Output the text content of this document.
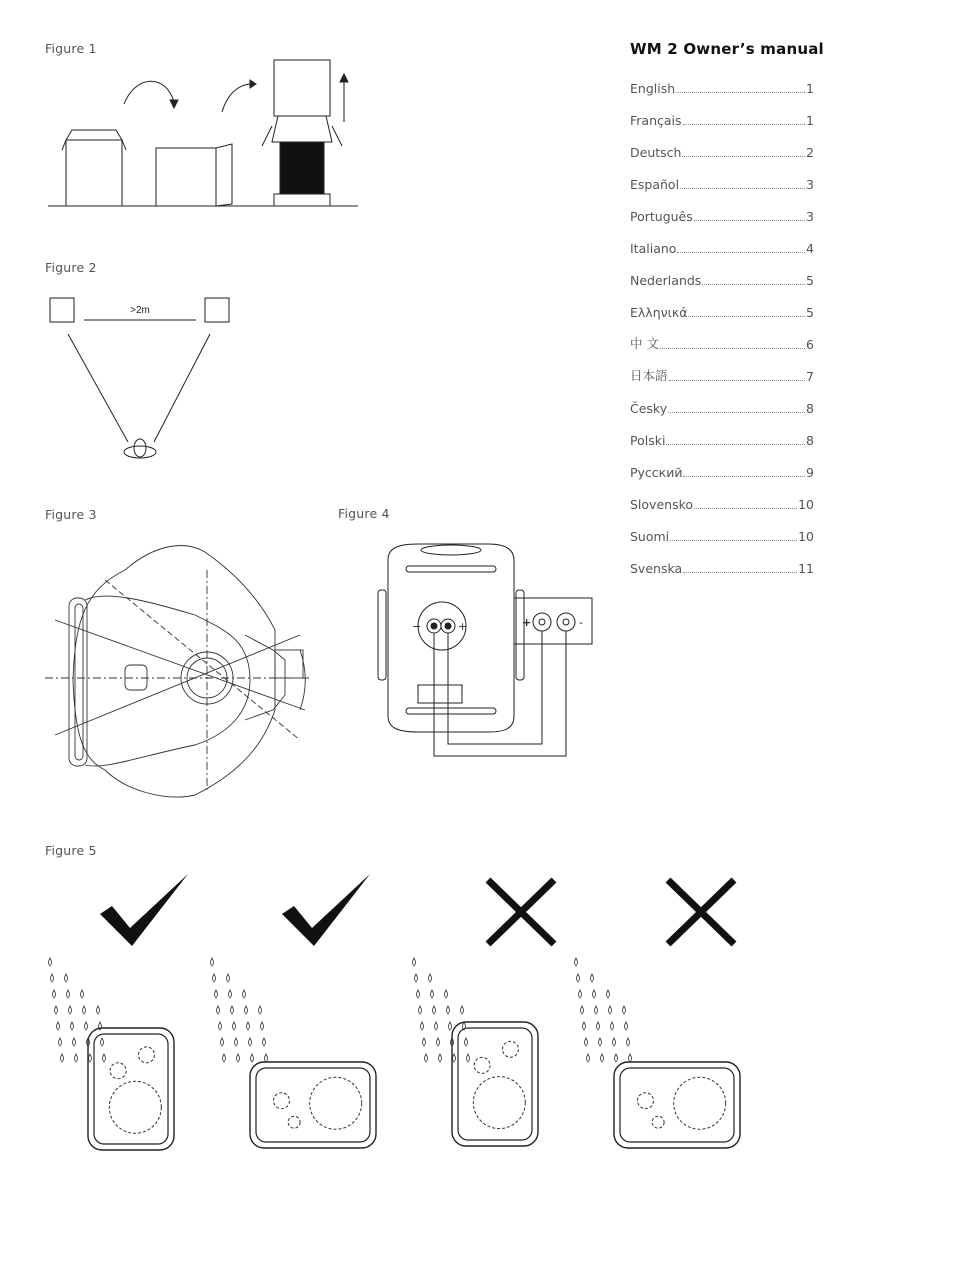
Figure 1
Figure 2
Figure 3	Figure 4
Figure 5
>2m
−	+	+	-
WM 2 Owner’s manual
English	1
Français	1
Deutsch	2
Español	3
Português	3
Italiano	4
Nederlands	5
Ελληνικά	5
中 文	6
日本語	7
Česky	8
Polski	8
Русский	9
Slovensko	10
Suomi	10
Svenska	11
